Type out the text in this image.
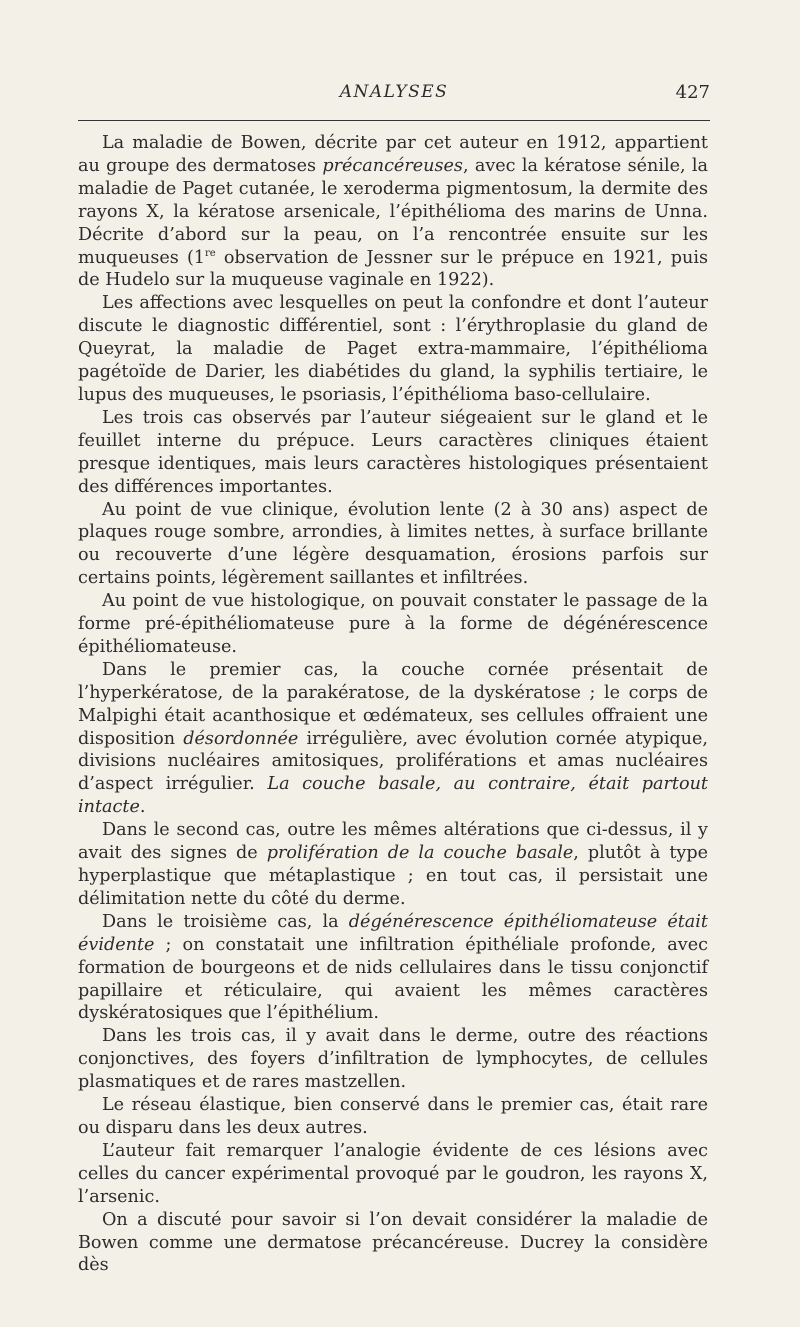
ANALYSES	427

La maladie de Bowen, décrite par cet auteur en 1912, appartient au groupe des dermatoses précancéreuses, avec la kératose sénile, la maladie de Paget cutanée, le xeroderma pigmentosum, la dermite des rayons X, la kératose arsenicale, l’épithélioma des marins de Unna. Décrite d’abord sur la peau, on l’a rencontrée ensuite sur les muqueuses (1re observation de Jessner sur le prépuce en 1921, puis de Hudelo sur la muqueuse vaginale en 1922).

Les affections avec lesquelles on peut la confondre et dont l’auteur discute le diagnostic différentiel, sont : l’érythroplasie du gland de Queyrat, la maladie de Paget extra-mammaire, l’épithélioma pagétoïde de Darier, les diabétides du gland, la syphilis tertiaire, le lupus des muqueuses, le psoriasis, l’épithélioma baso-cellulaire.

Les trois cas observés par l’auteur siégeaient sur le gland et le feuillet interne du prépuce. Leurs caractères cliniques étaient presque identiques, mais leurs caractères histologiques présentaient des différences importantes.

Au point de vue clinique, évolution lente (2 à 30 ans) aspect de plaques rouge sombre, arrondies, à limites nettes, à surface brillante ou recouverte d’une légère desquamation, érosions parfois sur certains points, légèrement saillantes et infiltrées.

Au point de vue histologique, on pouvait constater le passage de la forme pré-épithéliomateuse pure à la forme de dégénérescence épithéliomateuse.

Dans le premier cas, la couche cornée présentait de l’hyperkératose, de la parakératose, de la dyskératose ; le corps de Malpighi était acanthosique et œdémateux, ses cellules offraient une disposition désordonnée irrégulière, avec évolution cornée atypique, divisions nucléaires amitosiques, proliférations et amas nucléaires d’aspect irrégulier. La couche basale, au contraire, était partout intacte.

Dans le second cas, outre les mêmes altérations que ci-dessus, il y avait des signes de prolifération de la couche basale, plutôt à type hyperplastique que métaplastique ; en tout cas, il persistait une délimitation nette du côté du derme.

Dans le troisième cas, la dégénérescence épithéliomateuse était évidente ; on constatait une infiltration épithéliale profonde, avec formation de bourgeons et de nids cellulaires dans le tissu conjonctif papillaire et réticulaire, qui avaient les mêmes caractères dyskératosiques que l’épithélium.

Dans les trois cas, il y avait dans le derme, outre des réactions conjonctives, des foyers d’infiltration de lymphocytes, de cellules plasmatiques et de rares mastzellen.

Le réseau élastique, bien conservé dans le premier cas, était rare ou disparu dans les deux autres.

L’auteur fait remarquer l’analogie évidente de ces lésions avec celles du cancer expérimental provoqué par le goudron, les rayons X, l’arsenic.

On a discuté pour savoir si l’on devait considérer la maladie de Bowen comme une dermatose précancéreuse. Ducrey la considère dès
